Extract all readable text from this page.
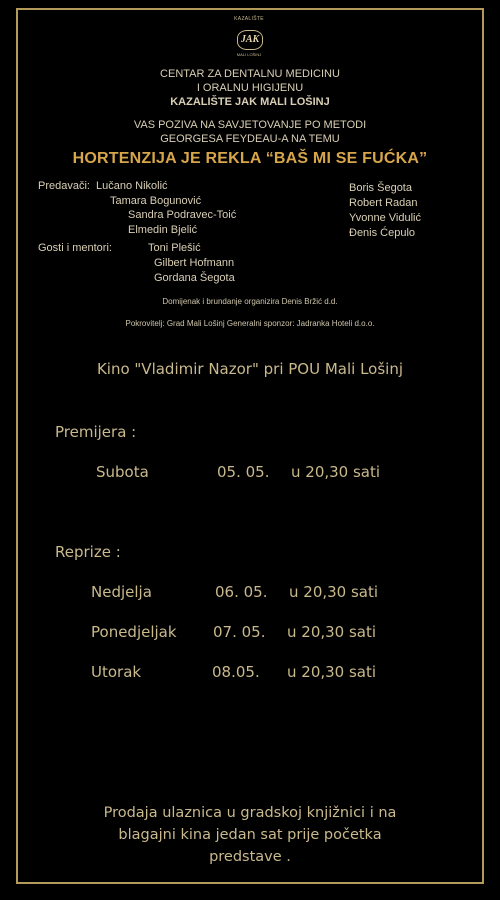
KAZALIŠTE
JAK
MALI LOŠINJ
CENTAR ZA DENTALNU MEDICINU
I ORALNU HIGIJENU
KAZALIŠTE JAK MALI LOŠINJ
VAS POZIVA NA SAVJETOVANJE PO METODI
GEORGESA FEYDEAU-A NA TEMU
HORTENZIJA JE REKLA “BAŠ MI SE FUĆKA”
Predavači: Lučano Nikolić
Tamara Bogunović
Sandra Podravec-Toić
Elmedin Bjelić
Gosti i mentori:	Toni Plešić
Gilbert Hofmann
Gordana Šegota
Boris Šegota
Robert Radan
Yvonne Vidulić
Đenis Ćepulo
Domijenak i brundanje organizira Denis Bržić d.d.
Pokrovitelj: Grad Mali Lošinj Generalni sponzor: Jadranka Hoteli d.o.o.
Kino "Vladimir Nazor" pri POU Mali Lošinj
Premijera :
Subota	05. 05. u 20,30 sati
Reprize :
Nedjelja	06. 05. u 20,30 sati
Ponedjeljak 07. 05. u 20,30 sati
Utorak	08.05. u 20,30 sati
Prodaja ulaznica u gradskoj knjižnici i na
blagajni kina jedan sat prije početka
predstave .
